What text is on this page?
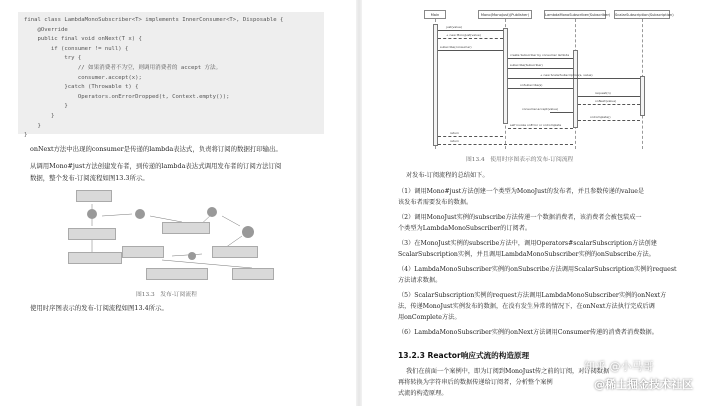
final class LambdaMonoSubscriber<T> implements InnerConsumer<T>, Disposable {
@Override
public final void onNext(T x) {
if (consumer != null) {
try {
// 如果消费者不为空，则调用消费者的 accept 方法。
consumer.accept(x);
}catch (Throwable t) {
Operators.onErrorDropped(t, Context.empty());
}
}
}
}
onNext方法中出现的consumer是传递的lambda表达式，负责将订阅的数据打印输出。
从调用Mono#just方法创建发布者，到传递的lambda表达式调用发布者的订阅方法订阅
数据，整个发布-订阅流程如图13.3所示。
图13.3   发布-订阅流程
使用时序图表示的发布-订阅流程如图13.4所示。
Main	Mono(MonoJust)(Publisher)	LambdaMonoSubscriber(Subscriber) ScalarSubscription(Subscription)
just(value)
+ new MonoJust(value)
subscribe(consumer)
create Subscriber by consumer lambda
subscribe(Subscriber)
+ new ScalarSubscription(s, value)
onSubscribe(s)
request(n)
onNext(value)
consumer.accept(value)
onComplete()
self invoke onError or onComplete
return
return
图13.4   使用时序图表示的发布-订阅流程
对发布-订阅流程的总结如下。
（1）调用Mono#just方法创建一个类型为MonoJust的发布者，并且参数传递的value是
该发布者需要发布的数据。
（2）调用MonoJust实例的subscribe方法传递一个数据消费者，该消费者会被包装成一
个类型为LambdaMonoSubscriber的订阅者。
（3）在MonoJust实例的subscribe方法中，调用Operators#scalarSubscription方法创建
ScalarSubscription实例，并且调用LambdaMonoSubscriber实例的onSubscribe方法。
（4）LambdaMonoSubscriber实例的onSubscribe方法调用ScalarSubscription实例的request
方法请求数据。
（5）ScalarSubscription实例的request方法调用LambdaMonoSubscriber实例的onNext方
法，传递MonoJust实例发布的数据，在没有发生异常的情况下，在onNext方法执行完成后调
用onComplete方法。
（6）LambdaMonoSubscriber实例的onNext方法调用Consumer传递的消费者消费数据。
13.2.3 Reactor响应式流的构造原理
我们在前面一个案例中，即为订阅到MonoJust传之前的订阅，对订阅数据
再将转换为字符串后的数据传递给订阅者，分析整个案例
式流的构造原理。
知乎 @小马哥
@稀土掘金技术社区
